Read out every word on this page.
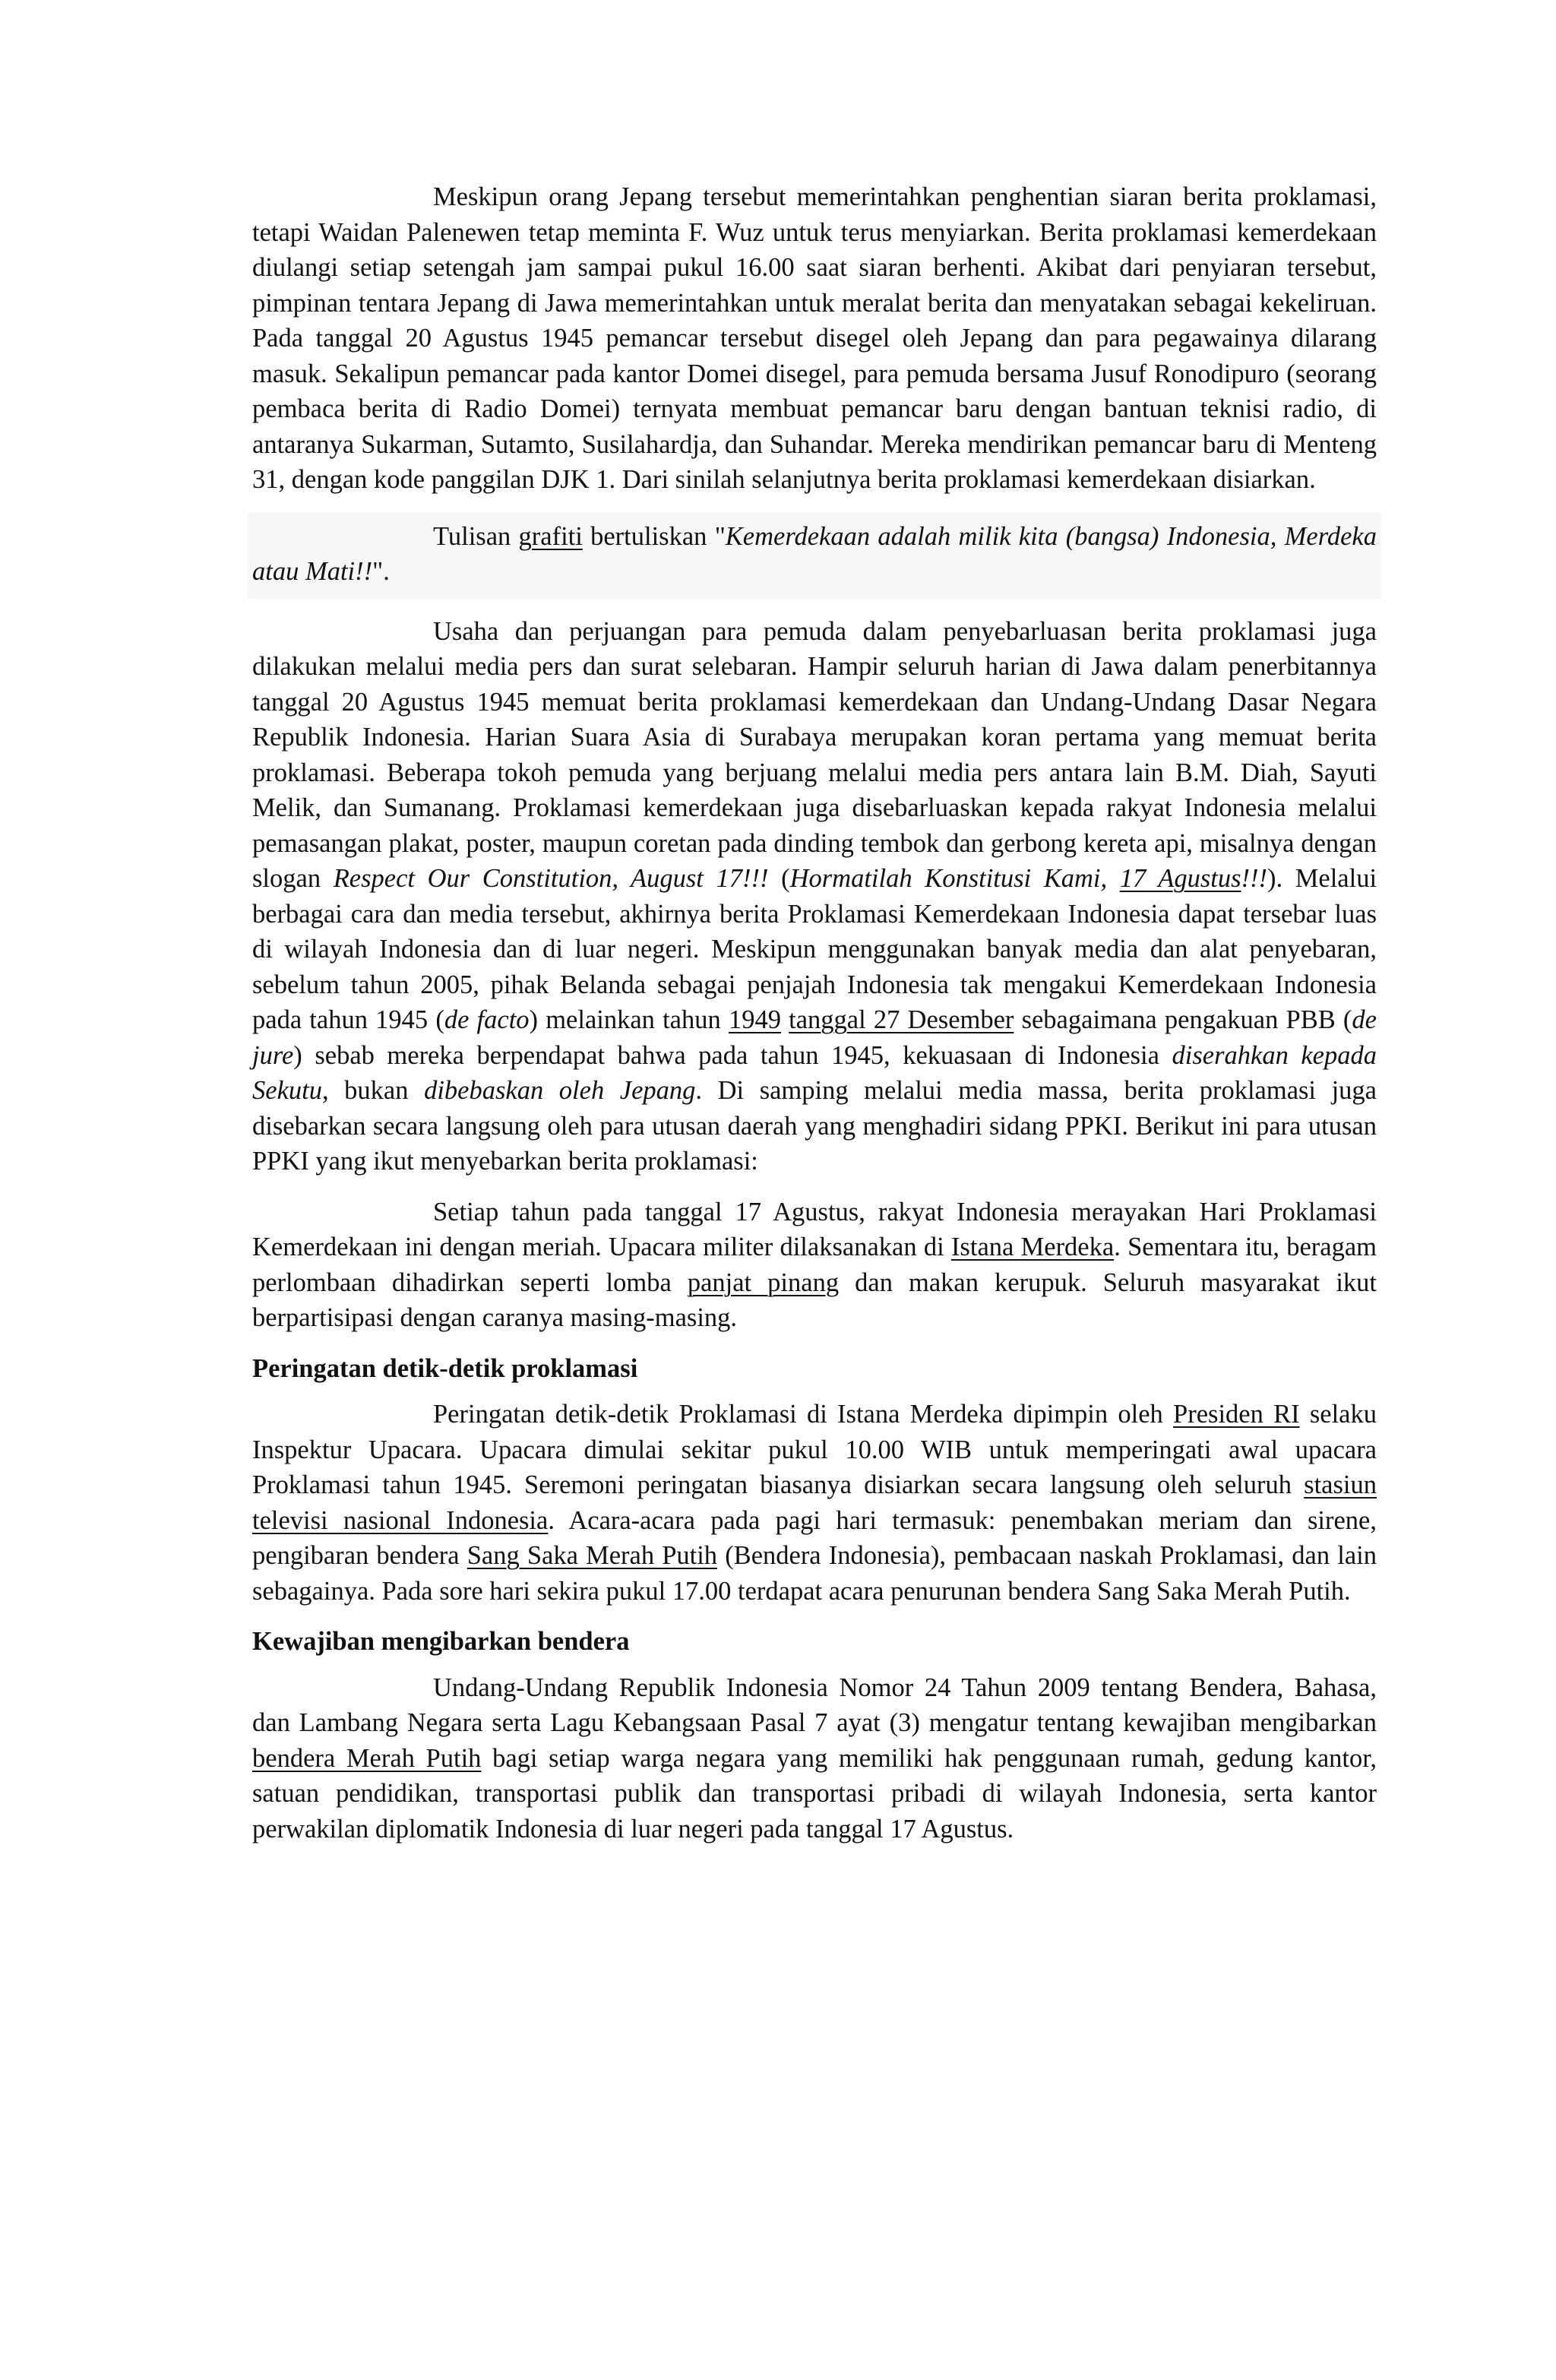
Meskipun orang Jepang tersebut memerintahkan penghentian siaran berita proklamasi, tetapi Waidan Palenewen tetap meminta F. Wuz untuk terus menyiarkan. Berita proklamasi kemerdekaan diulangi setiap setengah jam sampai pukul 16.00 saat siaran berhenti. Akibat dari penyiaran tersebut, pimpinan tentara Jepang di Jawa memerintahkan untuk meralat berita dan menyatakan sebagai kekeliruan. Pada tanggal 20 Agustus 1945 pemancar tersebut disegel oleh Jepang dan para pegawainya dilarang masuk. Sekalipun pemancar pada kantor Domei disegel, para pemuda bersama Jusuf Ronodipuro (seorang pembaca berita di Radio Domei) ternyata membuat pemancar baru dengan bantuan teknisi radio, di antaranya Sukarman, Sutamto, Susilahardja, dan Suhandar. Mereka mendirikan pemancar baru di Menteng 31, dengan kode panggilan DJK 1. Dari sinilah selanjutnya berita proklamasi kemerdekaan disiarkan.

Tulisan grafiti bertuliskan "Kemerdekaan adalah milik kita (bangsa) Indonesia, Merdeka atau Mati!!".

Usaha dan perjuangan para pemuda dalam penyebarluasan berita proklamasi juga dilakukan melalui media pers dan surat selebaran. Hampir seluruh harian di Jawa dalam penerbitannya tanggal 20 Agustus 1945 memuat berita proklamasi kemerdekaan dan Undang-Undang Dasar Negara Republik Indonesia. Harian Suara Asia di Surabaya merupakan koran pertama yang memuat berita proklamasi. Beberapa tokoh pemuda yang berjuang melalui media pers antara lain B.M. Diah, Sayuti Melik, dan Sumanang. Proklamasi kemerdekaan juga disebarluaskan kepada rakyat Indonesia melalui pemasangan plakat, poster, maupun coretan pada dinding tembok dan gerbong kereta api, misalnya dengan slogan Respect Our Constitution, August 17!!! (Hormatilah Konstitusi Kami, 17 Agustus!!!). Melalui berbagai cara dan media tersebut, akhirnya berita Proklamasi Kemerdekaan Indonesia dapat tersebar luas di wilayah Indonesia dan di luar negeri. Meskipun menggunakan banyak media dan alat penyebaran, sebelum tahun 2005, pihak Belanda sebagai penjajah Indonesia tak mengakui Kemerdekaan Indonesia pada tahun 1945 (de facto) melainkan tahun 1949 tanggal 27 Desember sebagaimana pengakuan PBB (de jure) sebab mereka berpendapat bahwa pada tahun 1945, kekuasaan di Indonesia diserahkan kepada Sekutu, bukan dibebaskan oleh Jepang. Di samping melalui media massa, berita proklamasi juga disebarkan secara langsung oleh para utusan daerah yang menghadiri sidang PPKI. Berikut ini para utusan PPKI yang ikut menyebarkan berita proklamasi:

Setiap tahun pada tanggal 17 Agustus, rakyat Indonesia merayakan Hari Proklamasi Kemerdekaan ini dengan meriah. Upacara militer dilaksanakan di Istana Merdeka. Sementara itu, beragam perlombaan dihadirkan seperti lomba panjat pinang dan makan kerupuk. Seluruh masyarakat ikut berpartisipasi dengan caranya masing-masing.

Peringatan detik-detik proklamasi

Peringatan detik-detik Proklamasi di Istana Merdeka dipimpin oleh Presiden RI selaku Inspektur Upacara. Upacara dimulai sekitar pukul 10.00 WIB untuk memperingati awal upacara Proklamasi tahun 1945. Seremoni peringatan biasanya disiarkan secara langsung oleh seluruh stasiun televisi nasional Indonesia. Acara-acara pada pagi hari termasuk: penembakan meriam dan sirene, pengibaran bendera Sang Saka Merah Putih (Bendera Indonesia), pembacaan naskah Proklamasi, dan lain sebagainya. Pada sore hari sekira pukul 17.00 terdapat acara penurunan bendera Sang Saka Merah Putih.

Kewajiban mengibarkan bendera

Undang-Undang Republik Indonesia Nomor 24 Tahun 2009 tentang Bendera, Bahasa, dan Lambang Negara serta Lagu Kebangsaan Pasal 7 ayat (3) mengatur tentang kewajiban mengibarkan bendera Merah Putih bagi setiap warga negara yang memiliki hak penggunaan rumah, gedung kantor, satuan pendidikan, transportasi publik dan transportasi pribadi di wilayah Indonesia, serta kantor perwakilan diplomatik Indonesia di luar negeri pada tanggal 17 Agustus.
